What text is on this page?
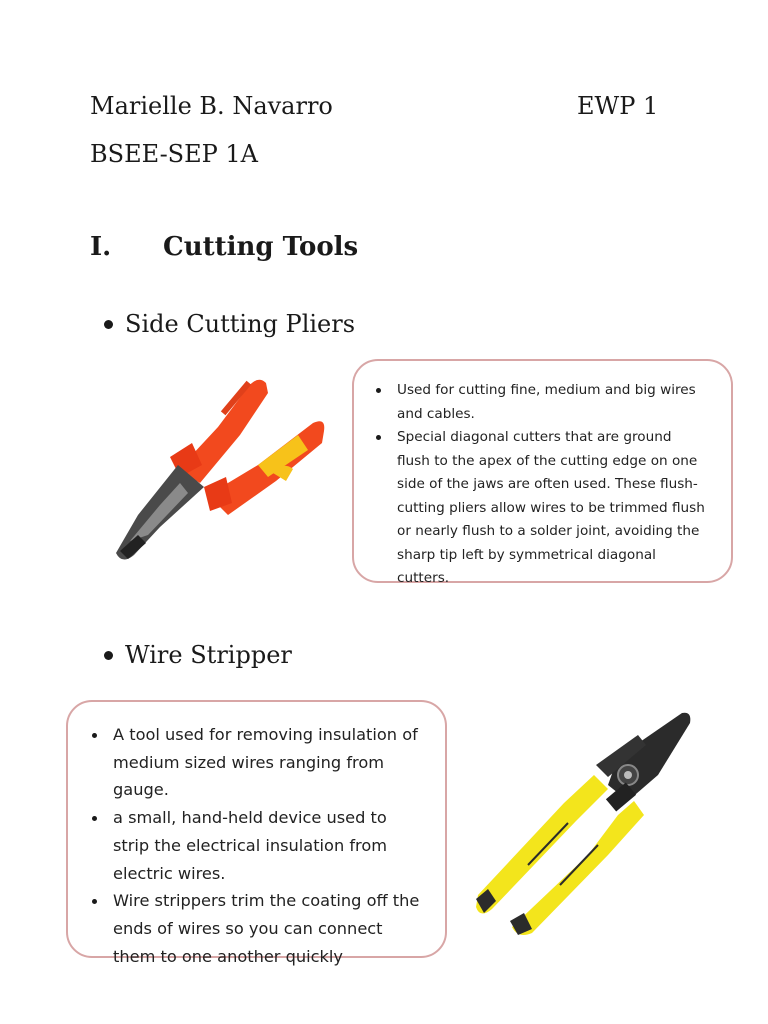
Marielle B. Navarro	EWP 1
BSEE-SEP 1A
I.	Cutting Tools
Side Cutting Pliers
Used for cutting fine, medium and big wires and cables.
Special diagonal cutters that are ground flush to the apex of the cutting edge on one side of the jaws are often used. These flush-cutting pliers allow wires to be trimmed flush or nearly flush to a solder joint, avoiding the sharp tip left by symmetrical diagonal cutters.
Wire Stripper
A tool used for removing insulation of medium sized wires ranging from gauge.
a small, hand-held device used to strip the electrical insulation from electric wires.
Wire strippers trim the coating off the ends of wires so you can connect them to one another quickly
